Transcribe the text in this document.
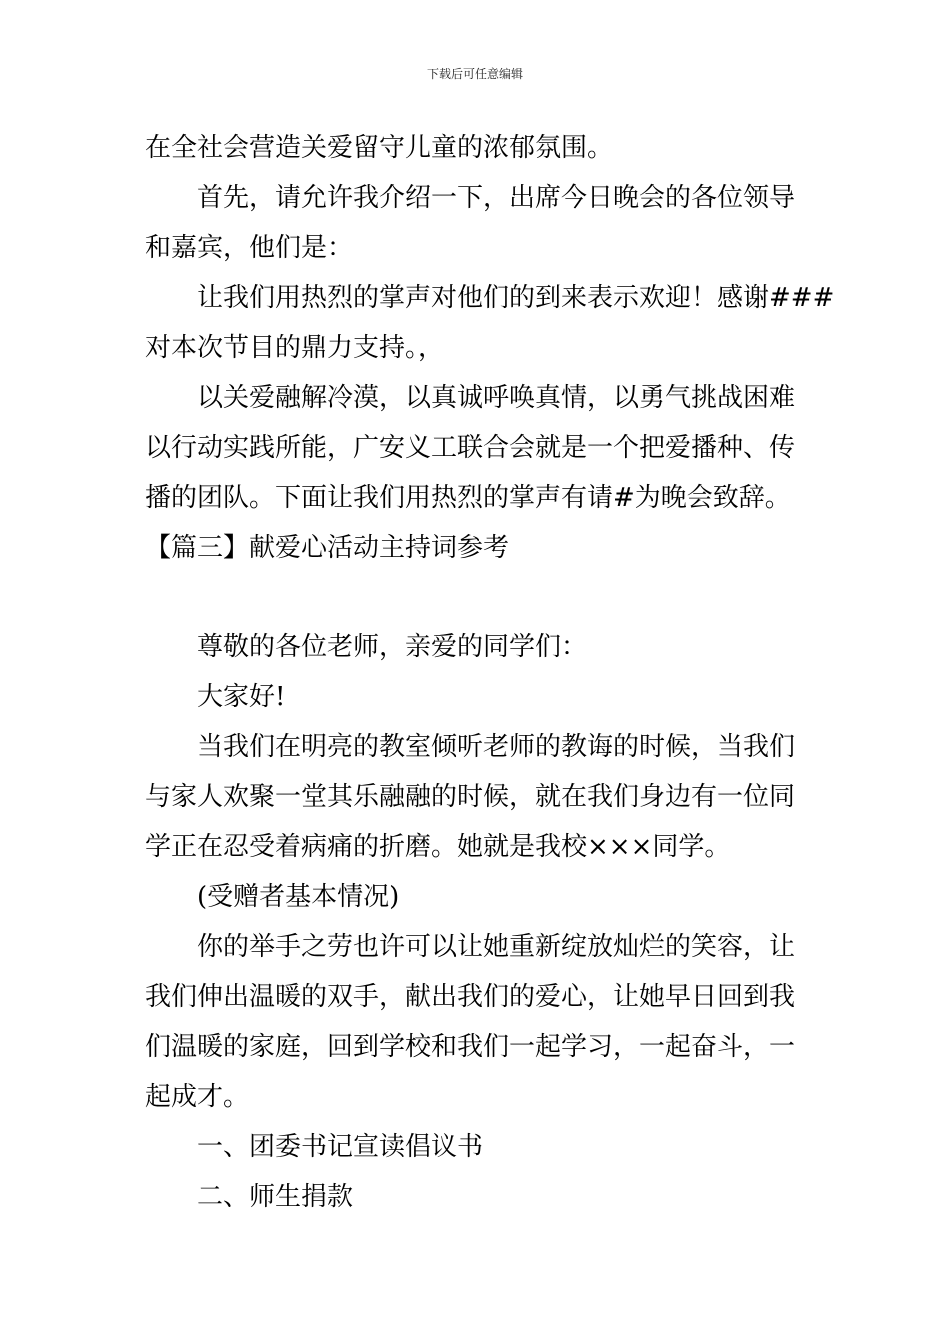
下载后可任意编辑
在全社会营造关爱留守儿童的浓郁氛围。
首先，请允许我介绍一下，出席今日晚会的各位领导
和嘉宾，他们是：
让我们用热烈的掌声对他们的到来表示欢迎！感谢###
对本次节目的鼎力支持。，
以关爱融解冷漠，以真诚呼唤真情，以勇气挑战困难
以行动实践所能，广安义工联合会就是一个把爱播种、传
播的团队。下面让我们用热烈的掌声有请#为晚会致辞。
【篇三】献爱心活动主持词参考
尊敬的各位老师，亲爱的同学们：
大家好!
当我们在明亮的教室倾听老师的教诲的时候，当我们
与家人欢聚一堂其乐融融的时候，就在我们身边有一位同
学正在忍受着病痛的折磨。她就是我校×××同学。
(受赠者基本情况)
你的举手之劳也许可以让她重新绽放灿烂的笑容，让
我们伸出温暖的双手，献出我们的爱心，让她早日回到我
们温暖的家庭，回到学校和我们一起学习，一起奋斗，一
起成才。
一、团委书记宣读倡议书
二、师生捐款
